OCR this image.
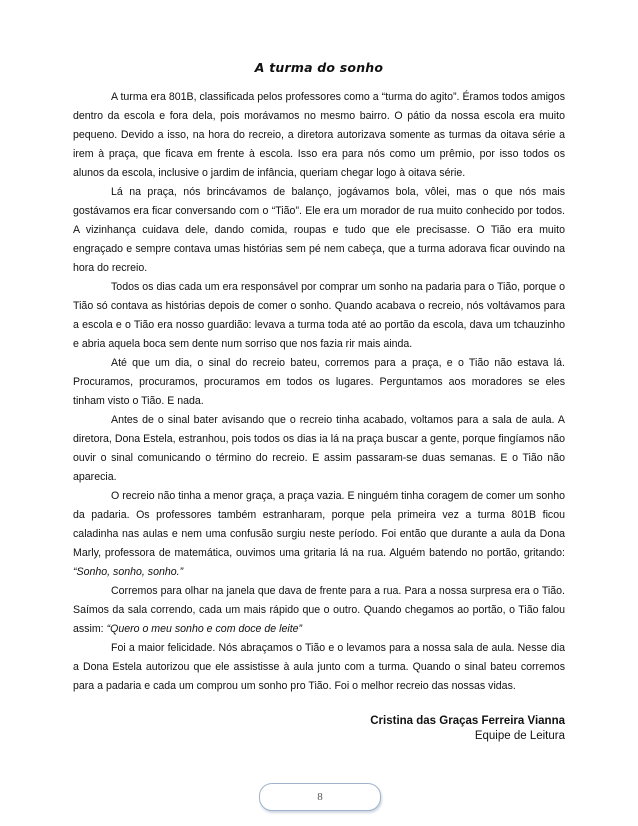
A turma do sonho

A turma era 801B, classificada pelos professores como a “turma do agito”. Éramos todos amigos dentro da escola e fora dela, pois morávamos no mesmo bairro. O pátio da nossa escola era muito pequeno. Devido a isso, na hora do recreio, a diretora autorizava somente as turmas da oitava série a irem à praça, que ficava em frente à escola. Isso era para nós como um prêmio, por isso todos os alunos da escola, inclusive o jardim de infância, queriam chegar logo à oitava série.

Lá na praça, nós brincávamos de balanço, jogávamos bola, vôlei, mas o que nós mais gostávamos era ficar conversando com o “Tião”. Ele era um morador de rua muito conhecido por todos. A vizinhança cuidava dele, dando comida, roupas e tudo que ele precisasse. O Tião era muito engraçado e sempre contava umas histórias sem pé nem cabeça, que a turma adorava ficar ouvindo na hora do recreio.

Todos os dias cada um era responsável por comprar um sonho na padaria para o Tião, porque o Tião só contava as histórias depois de comer o sonho. Quando acabava o recreio, nós voltávamos para a escola e o Tião era nosso guardião: levava a turma toda até ao portão da escola, dava um tchauzinho e abria aquela boca sem dente num sorriso que nos fazia rir mais ainda.

Até que um dia, o sinal do recreio bateu, corremos para a praça, e o Tião não estava lá. Procuramos, procuramos, procuramos em todos os lugares. Perguntamos aos moradores se eles tinham visto o Tião. E nada.

Antes de o sinal bater avisando que o recreio tinha acabado, voltamos para a sala de aula. A diretora, Dona Estela, estranhou, pois todos os dias ia lá na praça buscar a gente, porque fingíamos não ouvir o sinal comunicando o término do recreio. E assim passaram-se duas semanas. E o Tião não aparecia.

O recreio não tinha a menor graça, a praça vazia. E ninguém tinha coragem de comer um sonho da padaria. Os professores também estranharam, porque pela primeira vez a turma 801B ficou caladinha nas aulas e nem uma confusão surgiu neste período. Foi então que durante a aula da Dona Marly, professora de matemática, ouvimos uma gritaria lá na rua. Alguém batendo no portão, gritando: “Sonho, sonho, sonho.”

Corremos para olhar na janela que dava de frente para a rua. Para a nossa surpresa era o Tião. Saímos da sala correndo, cada um mais rápido que o outro. Quando chegamos ao portão, o Tião falou assim: “Quero o meu sonho e com doce de leite”

Foi a maior felicidade. Nós abraçamos o Tião e o levamos para a nossa sala de aula. Nesse dia a Dona Estela autorizou que ele assistisse à aula junto com a turma. Quando o sinal bateu corremos para a padaria e cada um comprou um sonho pro Tião. Foi o melhor recreio das nossas vidas.

Cristina das Graças Ferreira Vianna
Equipe de Leitura
8
